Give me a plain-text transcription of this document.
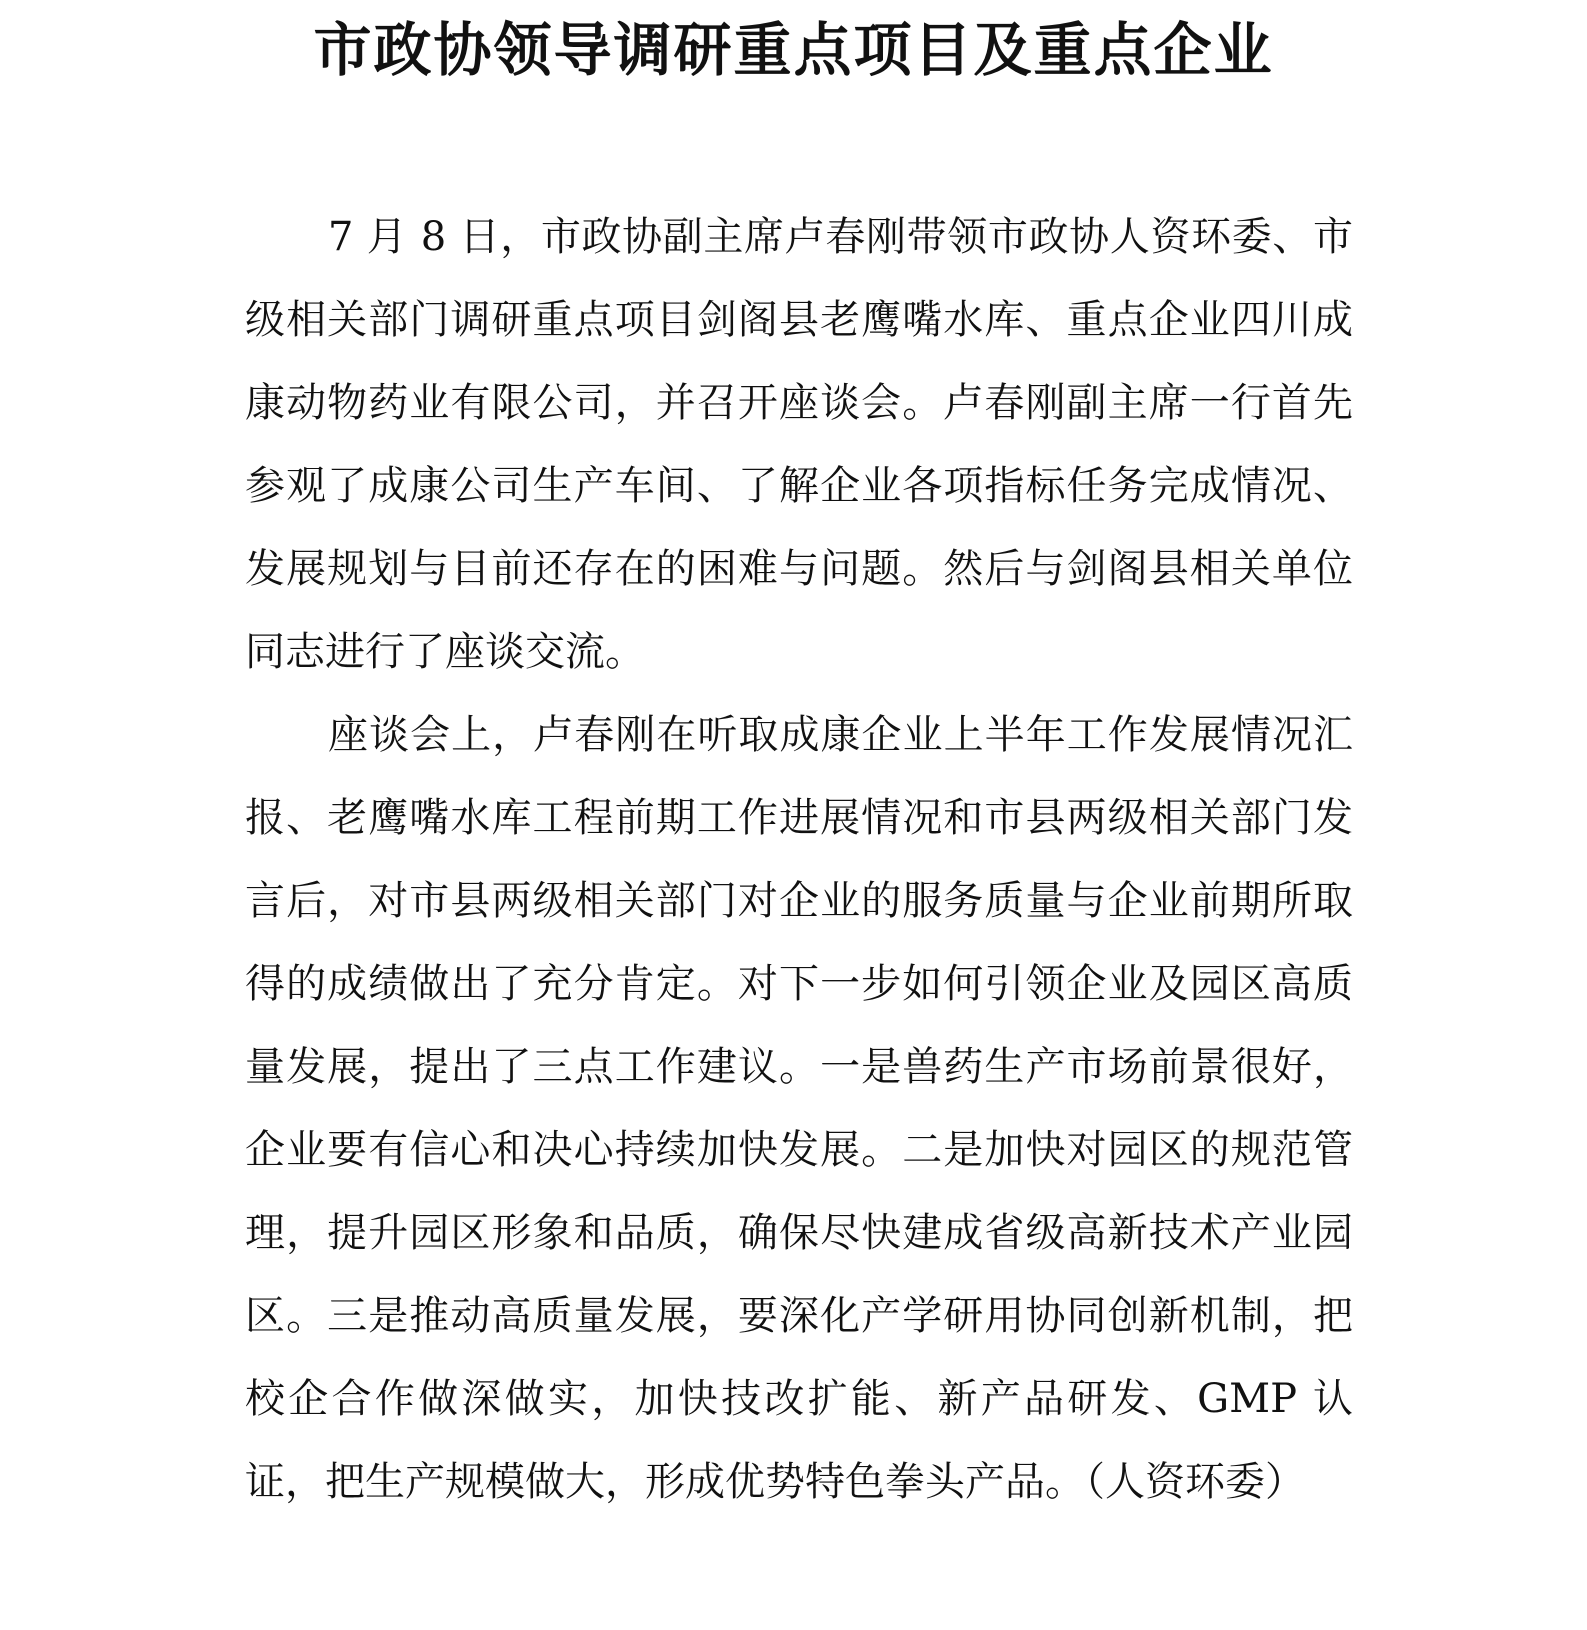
市政协领导调研重点项目及重点企业

7 月 8 日，市政协副主席卢春刚带领市政协人资环委、市级相关部门调研重点项目剑阁县老鹰嘴水库、重点企业四川成康动物药业有限公司，并召开座谈会。卢春刚副主席一行首先参观了成康公司生产车间、了解企业各项指标任务完成情况、发展规划与目前还存在的困难与问题。然后与剑阁县相关单位同志进行了座谈交流。

座谈会上，卢春刚在听取成康企业上半年工作发展情况汇报、老鹰嘴水库工程前期工作进展情况和市县两级相关部门发言后，对市县两级相关部门对企业的服务质量与企业前期所取得的成绩做出了充分肯定。对下一步如何引领企业及园区高质量发展，提出了三点工作建议。一是兽药生产市场前景很好，企业要有信心和决心持续加快发展。二是加快对园区的规范管理，提升园区形象和品质，确保尽快建成省级高新技术产业园区。三是推动高质量发展，要深化产学研用协同创新机制，把校企合作做深做实，加快技改扩能、新产品研发、GMP 认证，把生产规模做大，形成优势特色拳头产品。（人资环委）
